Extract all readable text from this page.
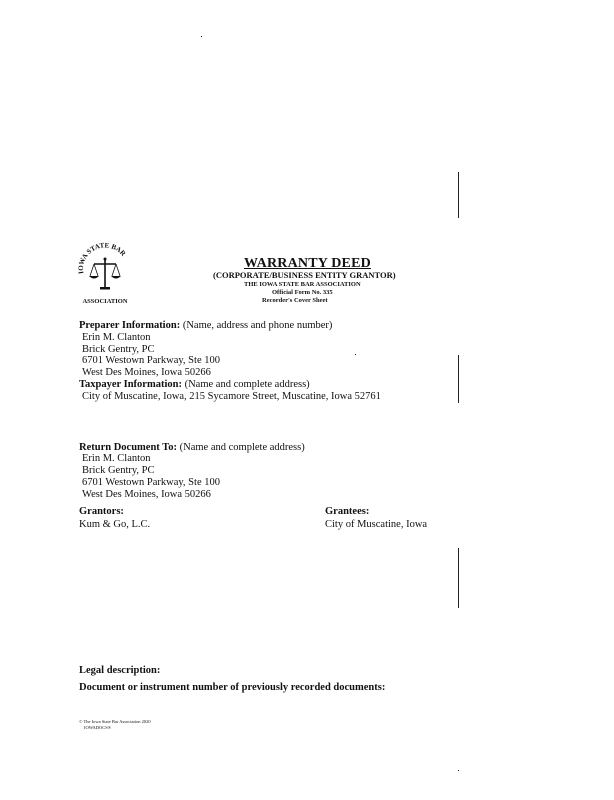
IOWA STATE BAR
ASSOCIATION
WARRANTY DEED
(CORPORATE/BUSINESS ENTITY GRANTOR)
THE IOWA STATE BAR ASSOCIATION
Official Form No. 335
Recorder's Cover Sheet
Preparer Information: (Name, address and phone number)
Erin M. Clanton
Brick Gentry, PC
6701 Westown Parkway, Ste 100
West Des Moines, Iowa 50266
Taxpayer Information: (Name and complete address)
City of Muscatine, Iowa, 215 Sycamore Street, Muscatine, Iowa 52761
Return Document To: (Name and complete address)
Erin M. Clanton
Brick Gentry, PC
6701 Westown Parkway, Ste 100
West Des Moines, Iowa 50266
Grantors:
Kum & Go, L.C.
Grantees:
City of Muscatine, Iowa
Legal description:
Document or instrument number of previously recorded documents:
© The Iowa State Bar Association 2020
IOWADOCS®
